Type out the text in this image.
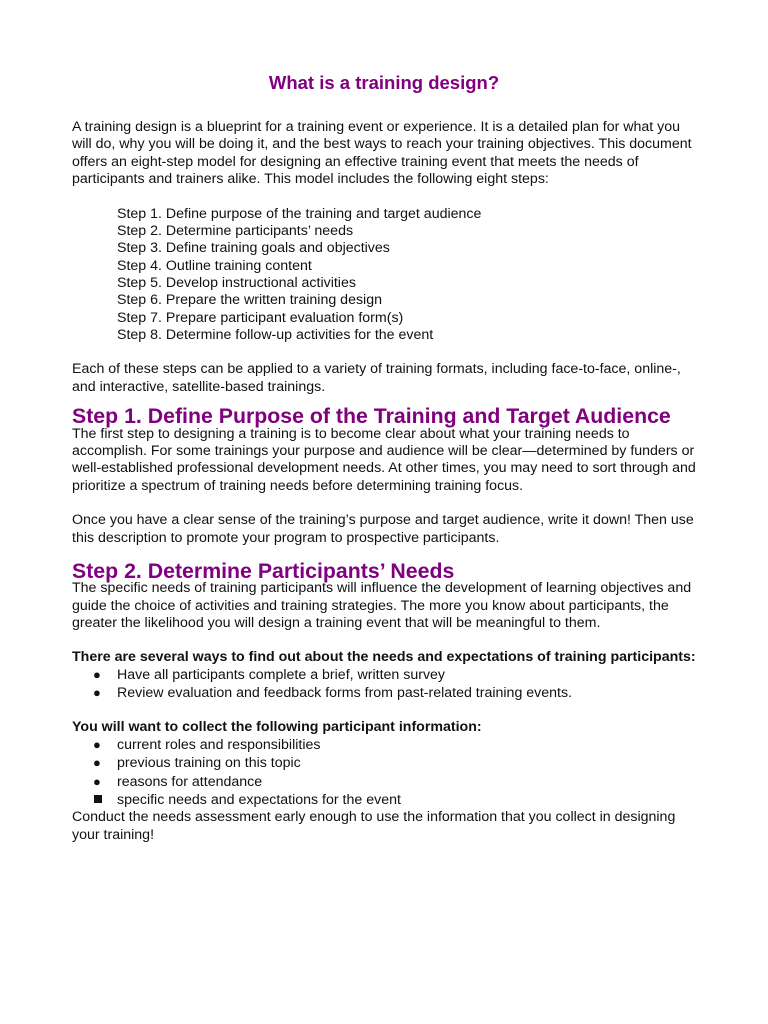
What is a training design?

A training design is a blueprint for a training event or experience. It is a detailed plan for what you will do, why you will be doing it, and the best ways to reach your training objectives. This document offers an eight-step model for designing an effective training event that meets the needs of participants and trainers alike. This model includes the following eight steps:

Step 1. Define purpose of the training and target audience
Step 2. Determine participants’ needs
Step 3. Define training goals and objectives
Step 4. Outline training content
Step 5. Develop instructional activities
Step 6. Prepare the written training design
Step 7. Prepare participant evaluation form(s)
Step 8. Determine follow-up activities for the event

Each of these steps can be applied to a variety of training formats, including face-to-face, online-, and interactive, satellite-based trainings.

Step 1. Define Purpose of the Training and Target Audience

The first step to designing a training is to become clear about what your training needs to accomplish. For some trainings your purpose and audience will be clear—determined by funders or well-established professional development needs. At other times, you may need to sort through and prioritize a spectrum of training needs before determining training focus.

Once you have a clear sense of the training’s purpose and target audience, write it down! Then use this description to promote your program to prospective participants.

Step 2. Determine Participants’ Needs

The specific needs of training participants will influence the development of learning objectives and guide the choice of activities and training strategies. The more you know about participants, the greater the likelihood you will design a training event that will be meaningful to them.

There are several ways to find out about the needs and expectations of training participants:

● Have all participants complete a brief, written survey
● Review evaluation and feedback forms from past-related training events.

You will want to collect the following participant information:

● current roles and responsibilities
● previous training on this topic
● reasons for attendance
specific needs and expectations for the event

Conduct the needs assessment early enough to use the information that you collect in designing your training!
